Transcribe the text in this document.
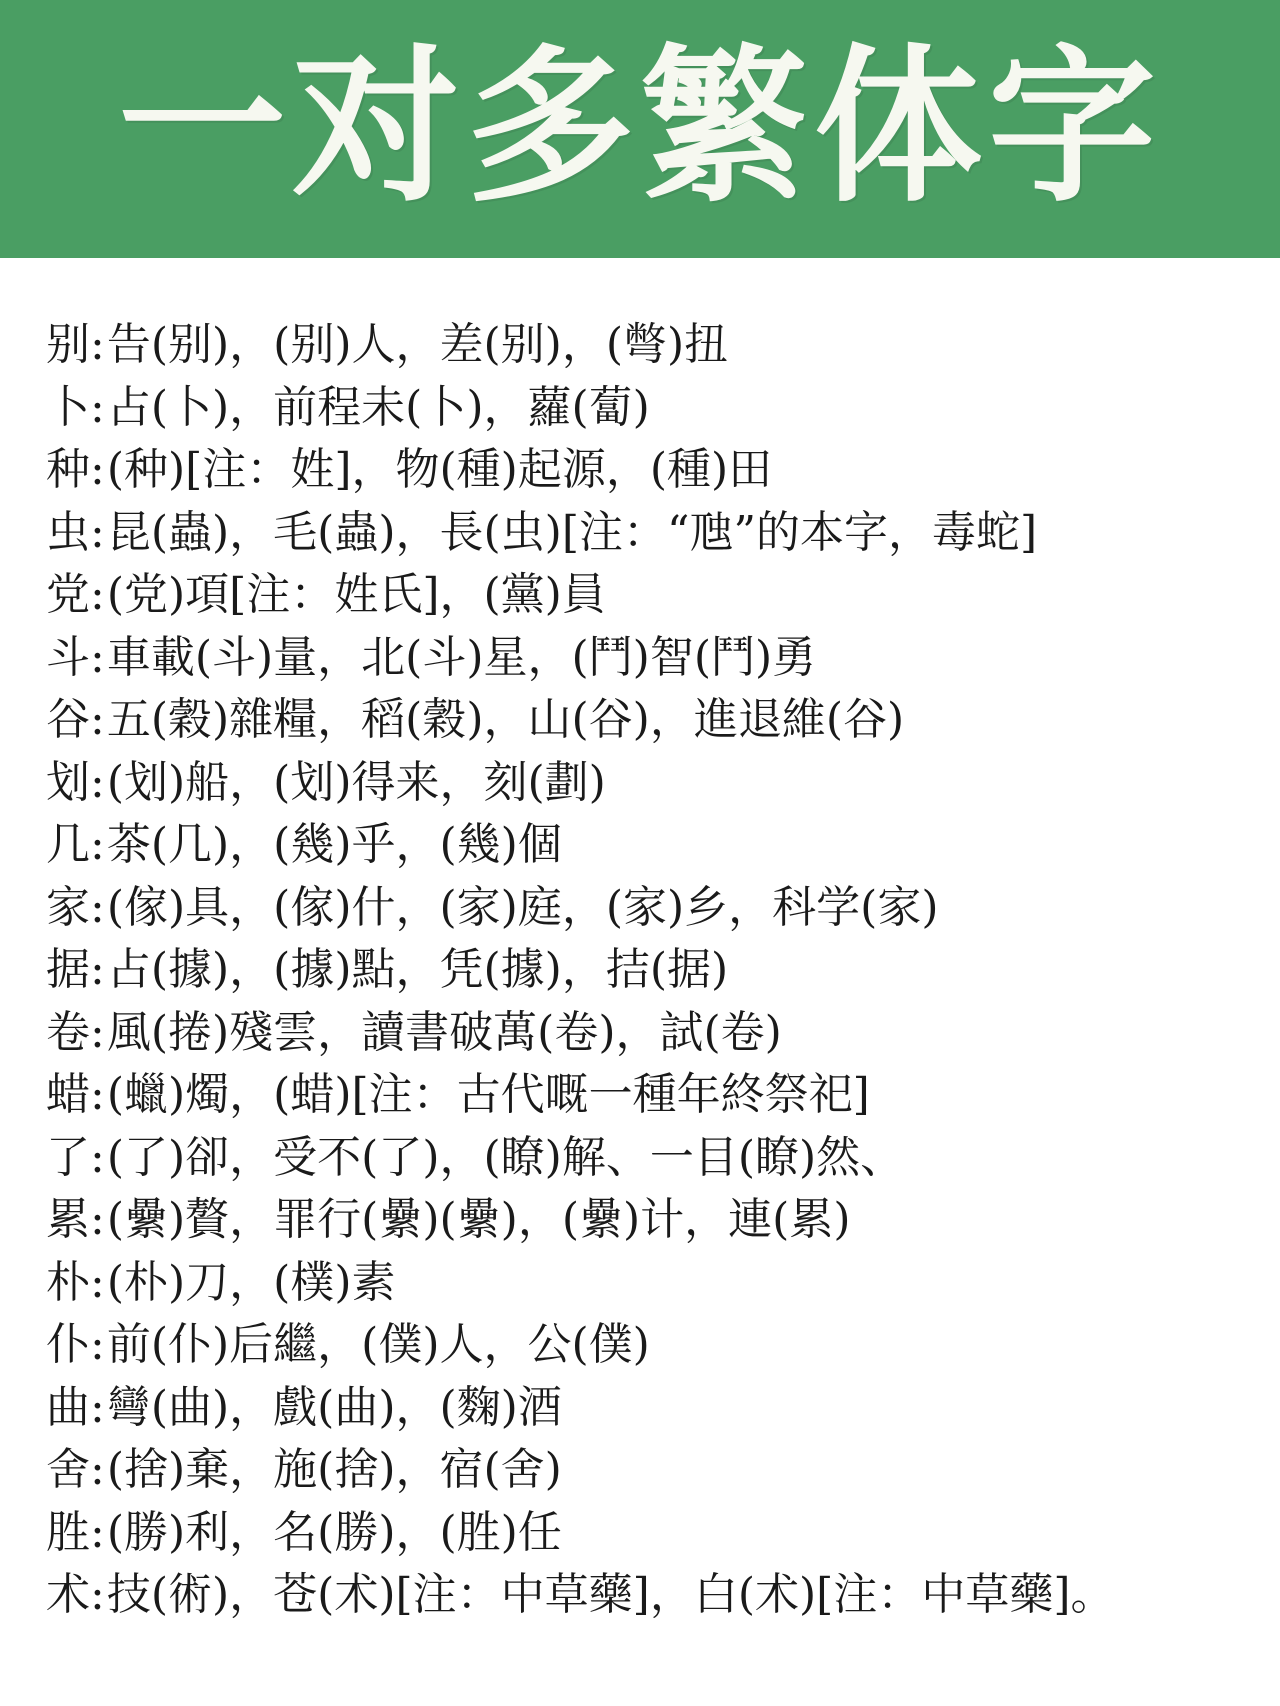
一对多繁体字
别:告(别)，(别)人，差(别)，(彆)扭
卜:占(卜)，前程未(卜)，蘿(蔔)
种:(种)[注：姓]，物(種)起源，(種)田
虫:昆(蟲)，毛(蟲)，長(虫)[注：“虺”的本字，毒蛇]
党:(党)項[注：姓氏]，(黨)員
斗:車載(斗)量，北(斗)星，(鬥)智(鬥)勇
谷:五(穀)雜糧，稻(穀)，山(谷)，進退維(谷)
划:(划)船，(划)得来，刻(劃)
几:茶(几)，(幾)乎，(幾)個
家:(傢)具，(傢)什，(家)庭，(家)乡，科学(家)
据:占(據)，(據)點，凭(據)，拮(据)
卷:風(捲)殘雲，讀書破萬(卷)，試(卷)
蜡:(蠟)燭，(蜡)[注：古代嘅一種年終祭祀]
了:(了)卻，受不(了)，(瞭)解、一目(瞭)然、
累:(纍)贅，罪行(纍)(纍)，(纍)计，連(累)
朴:(朴)刀，(樸)素
仆:前(仆)后繼，(僕)人，公(僕)
曲:彎(曲)，戲(曲)，(麴)酒
舍:(捨)棄，施(捨)，宿(舍)
胜:(勝)利，名(勝)，(胜)任
术:技(術)，苍(术)[注：中草藥]，白(术)[注：中草藥]。
